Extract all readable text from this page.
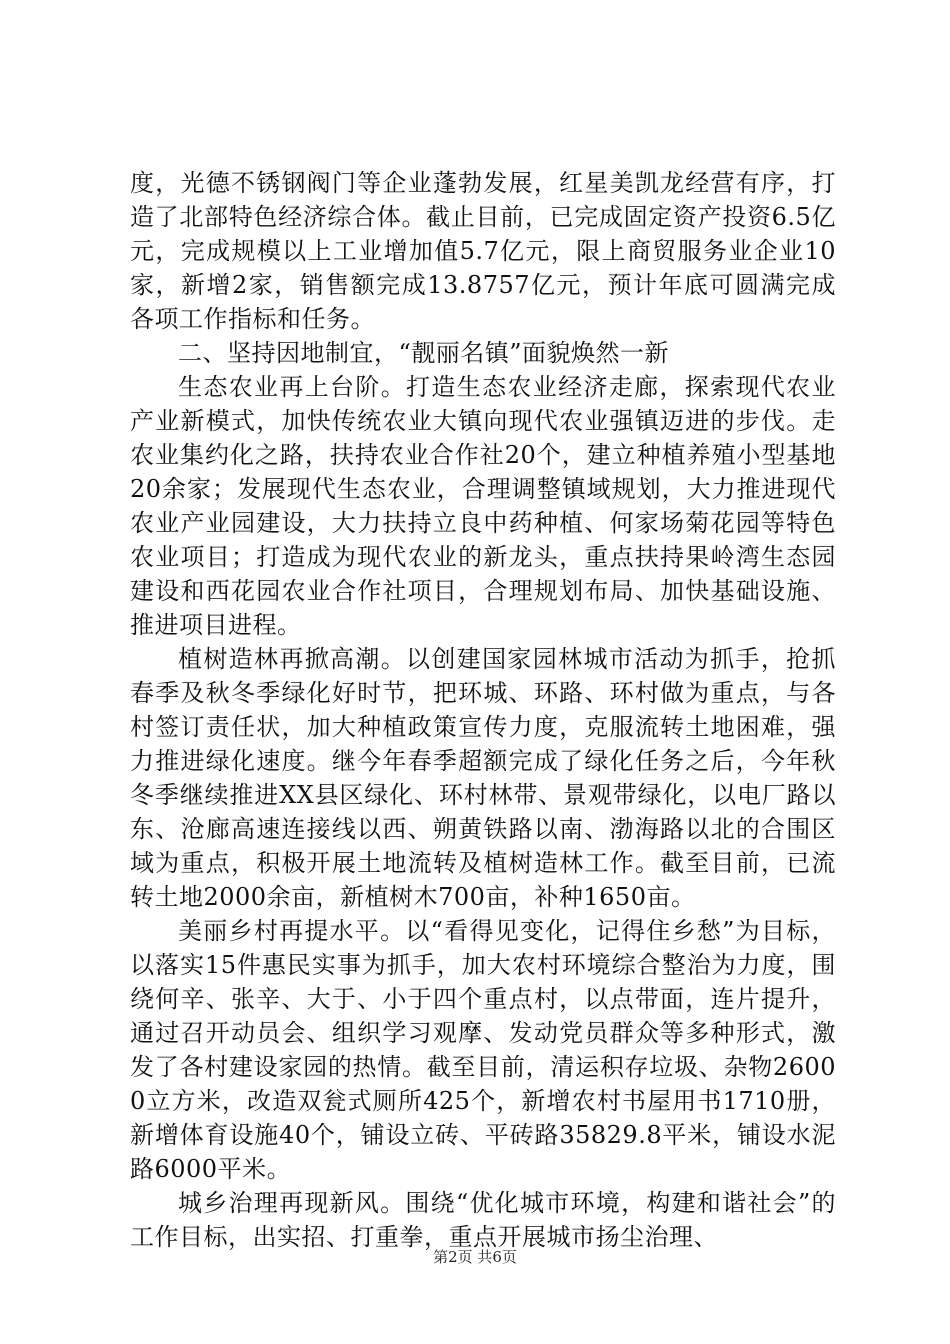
度，光德不锈钢阀门等企业蓬勃发展，红星美凯龙经营有序，打造了北部特色经济综合体。截止目前，已完成固定资产投资6.5亿元，完成规模以上工业增加值5.7亿元，限上商贸服务业企业10家，新增2家，销售额完成13.8757亿元，预计年底可圆满完成各项工作指标和任务。

二、坚持因地制宜，“靓丽名镇”面貌焕然一新

生态农业再上台阶。打造生态农业经济走廊，探索现代农业产业新模式，加快传统农业大镇向现代农业强镇迈进的步伐。走农业集约化之路，扶持农业合作社20个，建立种植养殖小型基地20余家；发展现代生态农业，合理调整镇域规划，大力推进现代农业产业园建设，大力扶持立良中药种植、何家场菊花园等特色农业项目；打造成为现代农业的新龙头，重点扶持果岭湾生态园建设和西花园农业合作社项目，合理规划布局、加快基础设施、推进项目进程。

植树造林再掀高潮。以创建国家园林城市活动为抓手，抢抓春季及秋冬季绿化好时节，把环城、环路、环村做为重点，与各村签订责任状，加大种植政策宣传力度，克服流转土地困难，强力推进绿化速度。继今年春季超额完成了绿化任务之后，今年秋冬季继续推进XX县区绿化、环村林带、景观带绿化，以电厂路以东、沧廊高速连接线以西、朔黄铁路以南、渤海路以北的合围区域为重点，积极开展土地流转及植树造林工作。截至目前，已流转土地2000余亩，新植树木700亩，补种1650亩。

美丽乡村再提水平。以“看得见变化，记得住乡愁”为目标，以落实15件惠民实事为抓手，加大农村环境综合整治为力度，围绕何辛、张辛、大于、小于四个重点村，以点带面，连片提升，通过召开动员会、组织学习观摩、发动党员群众等多种形式，激发了各村建设家园的热情。截至目前，清运积存垃圾、杂物26000立方米，改造双瓮式厕所425个，新增农村书屋用书1710册，新增体育设施40个，铺设立砖、平砖路35829.8平米，铺设水泥路6000平米。

城乡治理再现新风。围绕“优化城市环境，构建和谐社会”的工作目标，出实招、打重拳，重点开展城市扬尘治理、

第2页 共6页
